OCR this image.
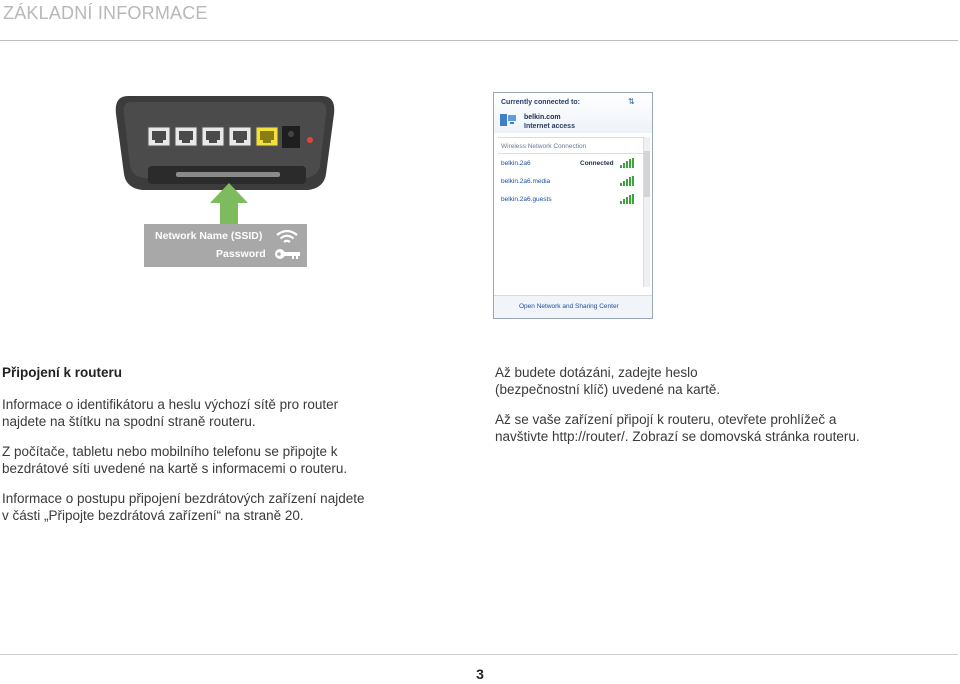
ZÁKLADNÍ INFORMACE
Network Name (SSID)
Password
Currently connected to:	⇅
belkin.com
Internet access
Wireless Network Connection
belkin.2a6	Connected
belkin.2a6.media
belkin.2a6.guests
Open Network and Sharing Center

Připojení k routeru

Informace o identifikátoru a heslu výchozí sítě pro router najdete na štítku na spodní straně routeru.

Z počítače, tabletu nebo mobilního telefonu se připojte k bezdrátové síti uvedené na kartě s informacemi o routeru.

Informace o postupu připojení bezdrátových zařízení najdete v části „Připojte bezdrátová zařízení“ na straně 20.

Až budete dotázáni, zadejte heslo (bezpečnostní klíč) uvedené na kartě.

Až se vaše zařízení připojí k routeru, otevřete prohlížeč a navštivte http://router/. Zobrazí se domovská stránka routeru.

3
